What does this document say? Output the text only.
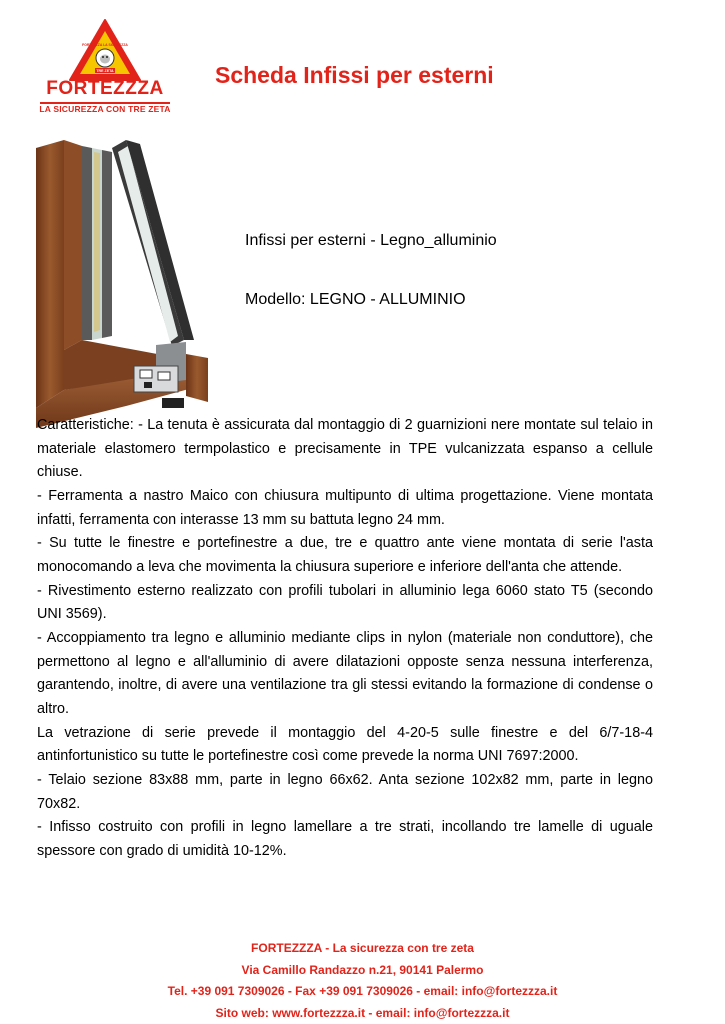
FORTEZZZA LA SICUREZZA
TRE ZETA
FORTEZZZA
LA SICUREZZA CON TRE ZETA
Scheda Infissi per esterni
Infissi per esterni - Legno_alluminio
Modello: LEGNO - ALLUMINIO

Caratteristiche: - La tenuta è assicurata dal montaggio di 2 guarnizioni nere montate sul telaio in materiale elastomero termpolastico e precisamente in TPE vulcanizzata espanso a cellule chiuse.

- Ferramenta a nastro Maico con chiusura multipunto di ultima progettazione. Viene montata infatti, ferramenta con interasse 13 mm su battuta legno 24 mm.

- Su tutte le finestre e portefinestre a due, tre e quattro ante viene montata di serie l'asta monocomando a leva che movimenta la chiusura superiore e inferiore dell'anta che attende.

- Rivestimento esterno realizzato con profili tubolari in alluminio lega 6060 stato T5 (secondo UNI 3569).

- Accoppiamento tra legno e alluminio mediante clips in nylon (materiale non conduttore), che permettono al legno e all'alluminio di avere dilatazioni opposte senza nessuna interferenza, garantendo, inoltre, di avere una ventilazione tra gli stessi evitando la formazione di condense o altro.

La vetrazione di serie prevede il montaggio del 4-20-5 sulle finestre e del 6/7-18-4 antinfortunistico su tutte le portefinestre così come prevede la norma UNI 7697:2000.

- Telaio sezione 83x88 mm, parte in legno 66x62. Anta sezione 102x82 mm, parte in legno 70x82.

- Infisso costruito con profili in legno lamellare a tre strati, incollando tre lamelle di uguale spessore con grado di umidità 10-12%.

FORTEZZZA - La sicurezza con tre zeta
Via Camillo Randazzo n.21, 90141 Palermo
Tel. +39 091 7309026 - Fax +39 091 7309026 - email: info@fortezzza.it
Sito web: www.fortezzza.it - email: info@fortezzza.it
